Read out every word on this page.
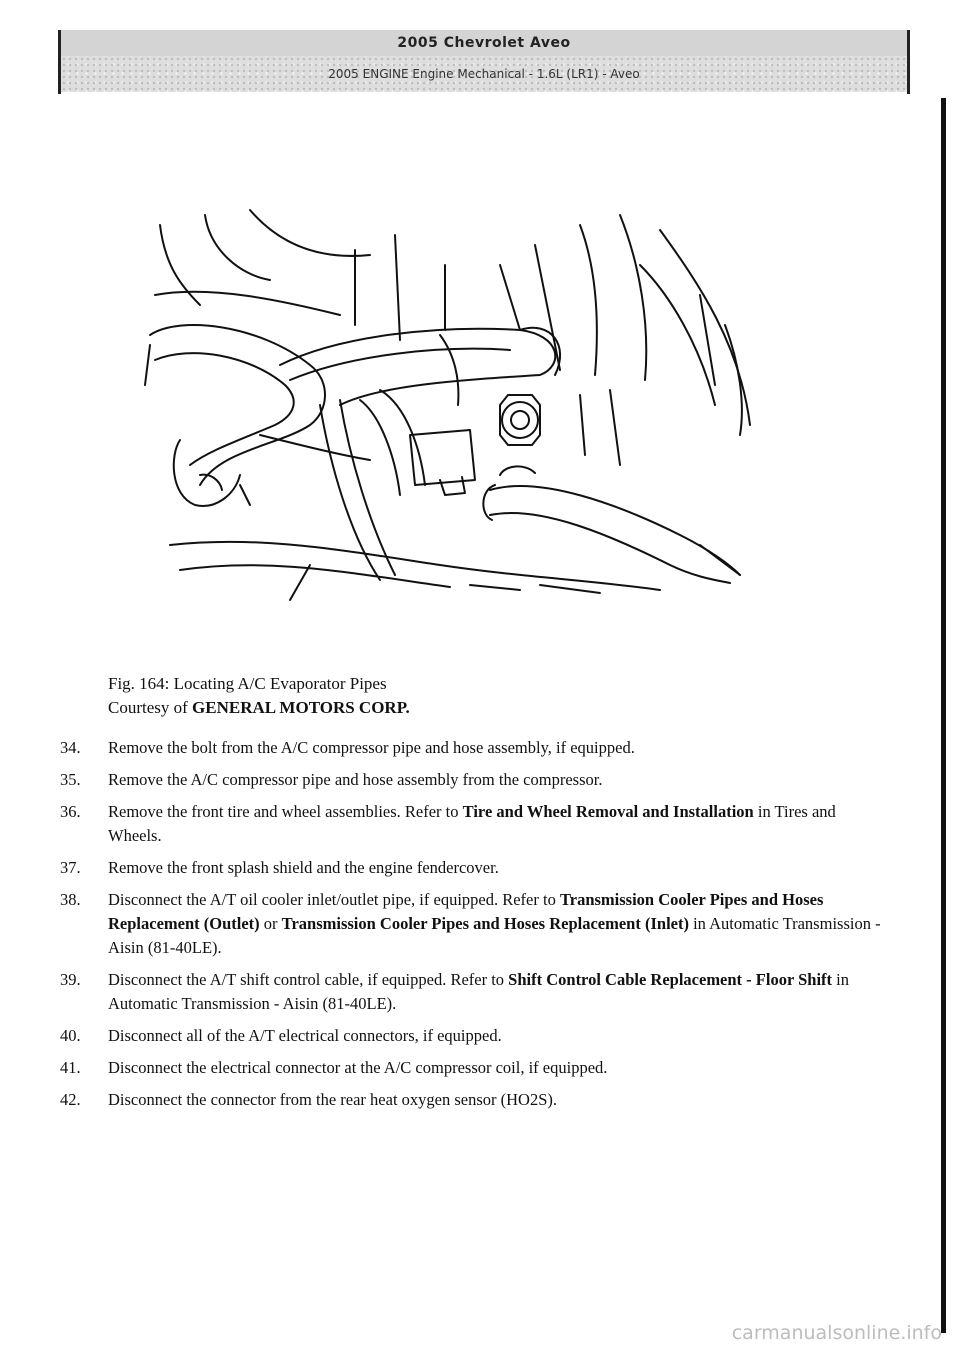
2005 Chevrolet Aveo
2005 ENGINE Engine Mechanical - 1.6L (LR1) - Aveo
Fig. 164: Locating A/C Evaporator Pipes
Courtesy of GENERAL MOTORS CORP.
34.	Remove the bolt from the A/C compressor pipe and hose assembly, if equipped.
35.	Remove the A/C compressor pipe and hose assembly from the compressor.
36.	Remove the front tire and wheel assemblies. Refer to Tire and Wheel Removal and Installation in Tires and Wheels.
37.	Remove the front splash shield and the engine fendercover.
38.	Disconnect the A/T oil cooler inlet/outlet pipe, if equipped. Refer to Transmission Cooler Pipes and Hoses Replacement (Outlet) or Transmission Cooler Pipes and Hoses Replacement (Inlet) in Automatic Transmission - Aisin (81-40LE).
39.	Disconnect the A/T shift control cable, if equipped. Refer to Shift Control Cable Replacement - Floor Shift in Automatic Transmission - Aisin (81-40LE).
40.	Disconnect all of the A/T electrical connectors, if equipped.
41.	Disconnect the electrical connector at the A/C compressor coil, if equipped.
42.	Disconnect the connector from the rear heat oxygen sensor (HO2S).
carmanualsonline.info
